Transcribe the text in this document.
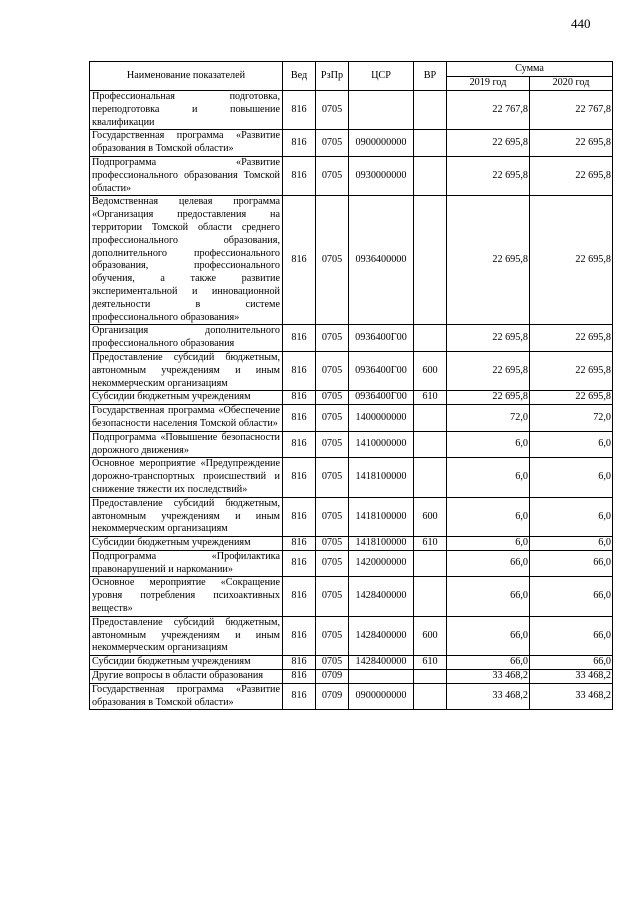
440
Наименование показателей	Вед	РзПр	ЦСР	ВР	Сумма	
					2019 год	2020 год
Профессиональная подготовка, переподготовка и повышение квалификации	816	0705			22 767,8	22 767,8
Государственная программа «Развитие образования в Томской области»	816	0705	0900000000		22 695,8	22 695,8
Подпрограмма «Развитие профессионального образования Томской области»	816	0705	0930000000		22 695,8	22 695,8
Ведомственная целевая программа «Организация предоставления на территории Томской области среднего профессионального образования, дополнительного профессионального образования, профессионального обучения, а также развитие экспериментальной и инновационной деятельности в системе профессионального образования»	816	0705	0936400000		22 695,8	22 695,8
Организация дополнительного профессионального образования	816	0705	0936400Г00		22 695,8	22 695,8
Предоставление субсидий бюджетным, автономным учреждениям и иным некоммерческим организациям	816	0705	0936400Г00	600	22 695,8	22 695,8
Субсидии бюджетным учреждениям	816	0705	0936400Г00	610	22 695,8	22 695,8
Государственная программа «Обеспечение безопасности населения Томской области»	816	0705	1400000000		72,0	72,0
Подпрограмма «Повышение безопасности дорожного движения»	816	0705	1410000000		6,0	6,0
Основное мероприятие «Предупреждение дорожно-транспортных происшествий и снижение тяжести их последствий»	816	0705	1418100000		6,0	6,0
Предоставление субсидий бюджетным, автономным учреждениям и иным некоммерческим организациям	816	0705	1418100000	600	6,0	6,0
Субсидии бюджетным учреждениям	816	0705	1418100000	610	6,0	6,0
Подпрограмма «Профилактика правонарушений и наркомании»	816	0705	1420000000		66,0	66,0
Основное мероприятие «Сокращение уровня потребления психоактивных веществ»	816	0705	1428400000		66,0	66,0
Предоставление субсидий бюджетным, автономным учреждениям и иным некоммерческим организациям	816	0705	1428400000	600	66,0	66,0
Субсидии бюджетным учреждениям	816	0705	1428400000	610	66,0	66,0
Другие вопросы в области образования	816	0709			33 468,2	33 468,2
Государственная программа «Развитие образования в Томской области»	816	0709	0900000000		33 468,2	33 468,2
